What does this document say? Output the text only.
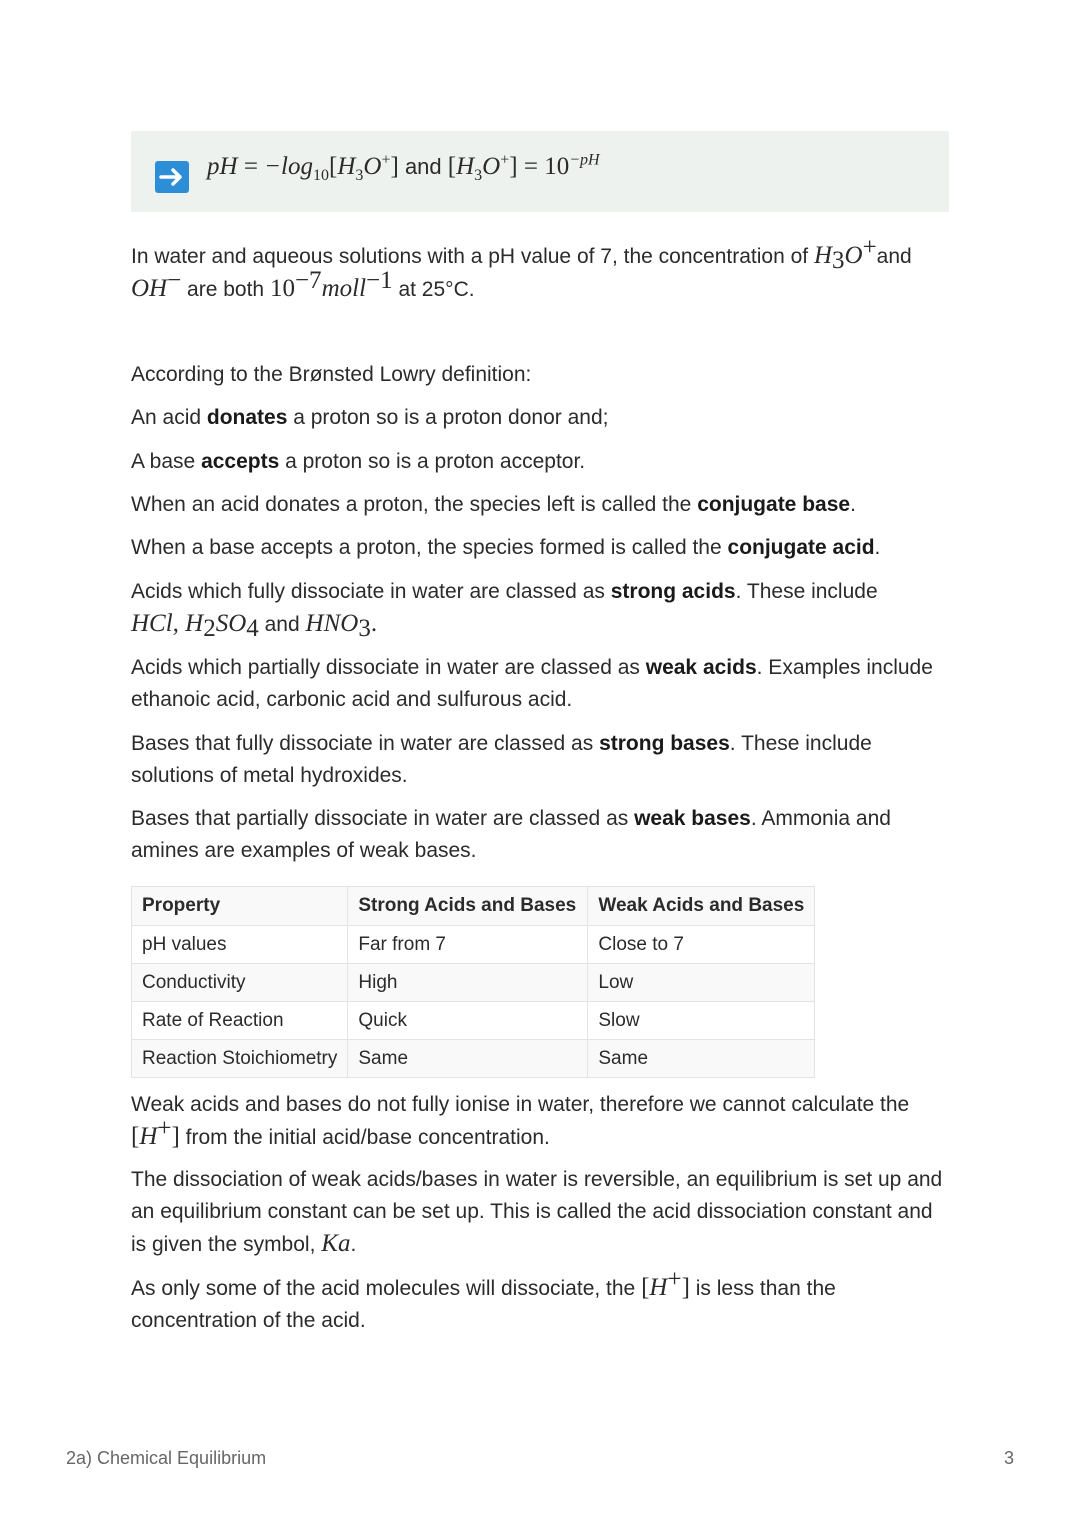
pH = $-\log_{10}[H_3O^+]$ and $[H_3O^+] = 10^{-pH}$
In water and aqueous solutions with a pH value of 7, the concentration of $H_3O^+and$
OH− are both $10^{-7}moll^{-1}$ at 25°C.
According to the Brønsted Lowry definition:
An acid donates a proton so is a proton donor and;
A base accepts a proton so is a proton acceptor.
When an acid donates a proton, the species left is called the conjugate base.
When a base accepts a proton, the species formed is called the conjugate acid.
Acids which fully dissociate in water are classed as strong acids. These include
HCl, $H_2SO_4$ and $HNO_3$.
Acids which partially dissociate in water are classed as weak acids. Examples include ethanoic acid, carbonic acid and sulfurous acid.
Bases that fully dissociate in water are classed as strong bases. These include solutions of metal hydroxides.
Bases that partially dissociate in water are classed as weak bases. Ammonia and amines are examples of weak bases.
Property	Strong Acids and Bases	Weak Acids and Bases
pH values	Far from 7	Close to 7
Conductivity	High	Low
Rate of Reaction	Quick	Slow
Reaction Stoichiometry	Same	Same
Weak acids and bases do not fully ionise in water, therefore we cannot calculate the [H+] from the initial acid/base concentration.
The dissociation of weak acids/bases in water is reversible, an equilibrium is set up and an equilibrium constant can be set up. This is called the acid dissociation constant and is given the symbol, Ka.
As only some of the acid molecules will dissociate, the [H+] is less than the concentration of the acid.
2a) Chemical Equilibrium	3
